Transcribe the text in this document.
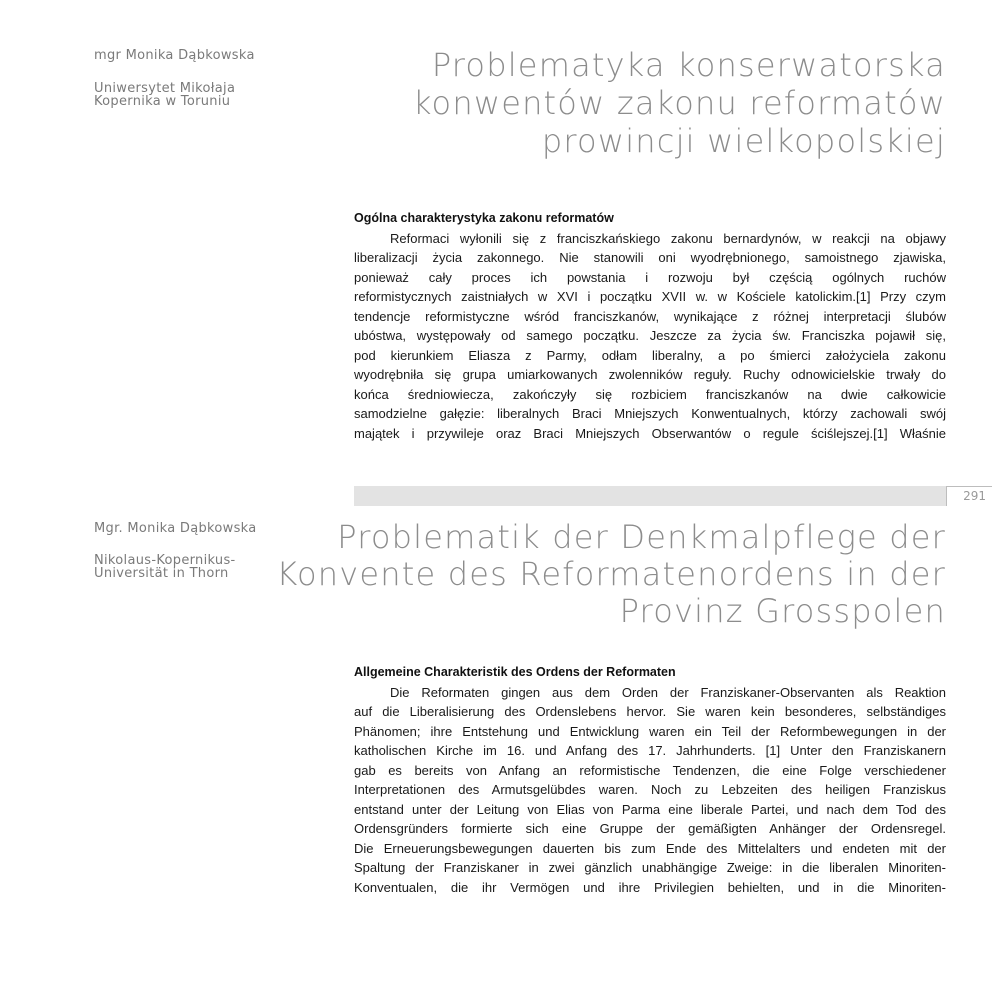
mgr Monika Dąbkowska

Uniwersytet Mikołaja

Kopernika w Toruniu

Problematyka konserwatorska

konwentów zakonu reformatów

prowincji wielkopolskiej

Ogólna charakterystyka zakonu reformatów

Reformaci wyłonili się z franciszkańskiego zakonu bernardynów, w reakcji na objawy
liberalizacji życia zakonnego. Nie stanowili oni wyodrębnionego, samoistnego zjawiska,
ponieważ cały proces ich powstania i rozwoju był częścią ogólnych ruchów
reformistycznych zaistniałych w XVI i początku XVII w. w Kościele katolickim.[1] Przy czym
tendencje reformistyczne wśród franciszkanów, wynikające z różnej interpretacji ślubów
ubóstwa, występowały od samego początku. Jeszcze za życia św. Franciszka pojawił się,
pod kierunkiem Eliasza z Parmy, odłam liberalny, a po śmierci założyciela zakonu
wyodrębniła się grupa umiarkowanych zwolenników reguły. Ruchy odnowicielskie trwały do
końca średniowiecza, zakończyły się rozbiciem franciszkanów na dwie całkowicie
samodzielne gałęzie: liberalnych Braci Mniejszych Konwentualnych, którzy zachowali swój
majątek i przywileje oraz Braci Mniejszych Obserwantów o regule ściślejszej.[1] Właśnie
291

Mgr. Monika Dąbkowska

Nikolaus-Kopernikus-

Universität in Thorn

Problematik der Denkmalpflege der

Konvente des Reformatenordens in der

Provinz Grosspolen

Allgemeine Charakteristik des Ordens der Reformaten

Die Reformaten gingen aus dem Orden der Franziskaner-Observanten als Reaktion
auf die Liberalisierung des Ordenslebens hervor. Sie waren kein besonderes, selbständiges
Phänomen; ihre Entstehung und Entwicklung waren ein Teil der Reformbewegungen in der
katholischen Kirche im 16. und Anfang des 17. Jahrhunderts. [1] Unter den Franziskanern
gab es bereits von Anfang an reformistische Tendenzen, die eine Folge verschiedener
Interpretationen des Armutsgelübdes waren. Noch zu Lebzeiten des heiligen Franziskus
entstand unter der Leitung von Elias von Parma eine liberale Partei, und nach dem Tod des
Ordensgründers formierte sich eine Gruppe der gemäßigten Anhänger der Ordensregel.
Die Erneuerungsbewegungen dauerten bis zum Ende des Mittelalters und endeten mit der
Spaltung der Franziskaner in zwei gänzlich unabhängige Zweige: in die liberalen Minoriten-
Konventualen, die ihr Vermögen und ihre Privilegien behielten, und in die Minoriten-
